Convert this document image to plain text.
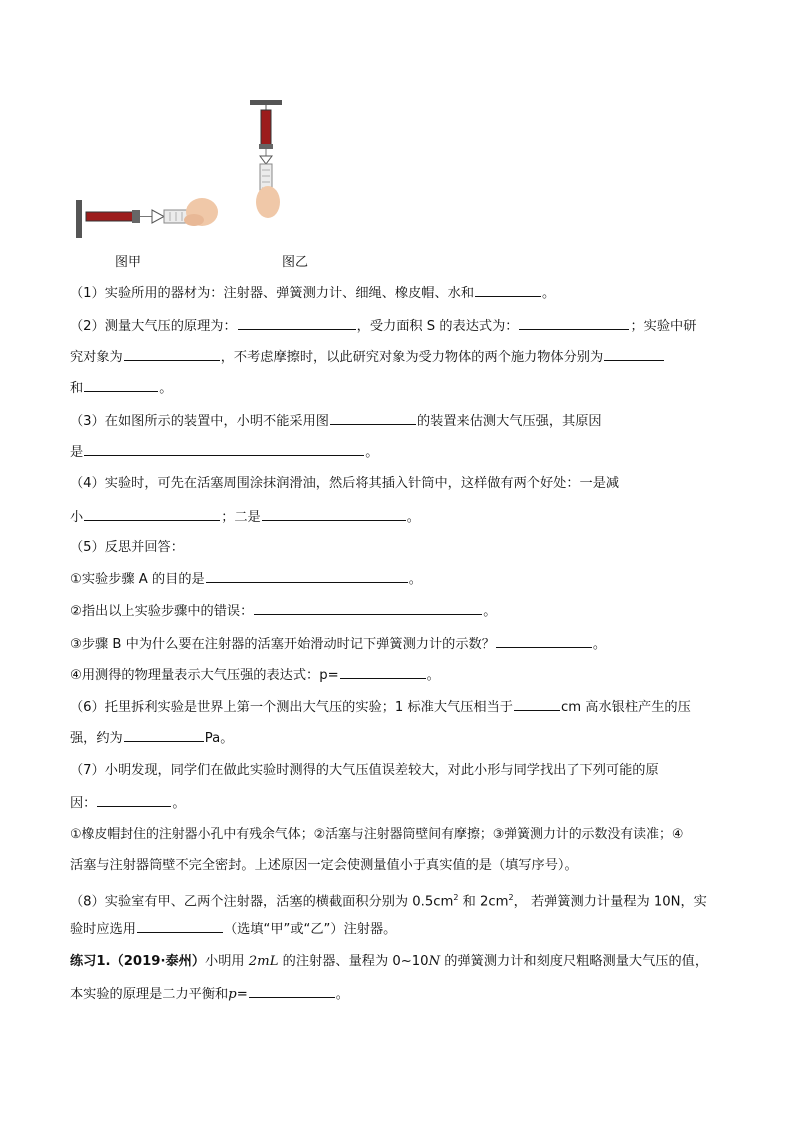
图甲	图乙
（1）实验所用的器材为：注射器、弹簧测力计、细绳、橡皮帽、水和	。
（2）测量大气压的原理为：	，受力面积 S 的表达式为：	；实验中研
究对象为	，不考虑摩擦时，以此研究对象为受力物体的两个施力物体分别为
和	。
（3）在如图所示的装置中，小明不能采用图	的装置来估测大气压强，其原因
是	。
（4）实验时，可先在活塞周围涂抹润滑油，然后将其插入针筒中，这样做有两个好处：一是减
小	；二是	。
（5）反思并回答：
①实验步骤 A 的目的是	。
②指出以上实验步骤中的错误：	。
③步骤 B 中为什么要在注射器的活塞开始滑动时记下弹簧测力计的示数？	。
④用测得的物理量表示大气压强的表达式：p=	。
（6）托里拆利实验是世界上第一个测出大气压的实验；1 标准大气压相当于	cm 高水银柱产生的压
强，约为	Pa。
（7）小明发现，同学们在做此实验时测得的大气压值误差较大，对此小形与同学找出了下列可能的原
因：	。
①橡皮帽封住的注射器小孔中有残余气体；②活塞与注射器筒壁间有摩擦；③弹簧测力计的示数没有读准；④
活塞与注射器筒壁不完全密封。上述原因一定会使测量值小于真实值的是（填写序号）。
（8）实验室有甲、乙两个注射器，活塞的横截面积分别为 $0.5cm^2$ 和 $2cm^2$， 若弹簧测力计量程为 10N，实
验时应选用	（选填“甲”或“乙”）注射器。
练习1.（2019·泰州）小明用 2mL 的注射器、量程为 0~10N 的弹簧测力计和刻度尺粗略测量大气压的值，
本实验的原理是二力平衡和p=	。
